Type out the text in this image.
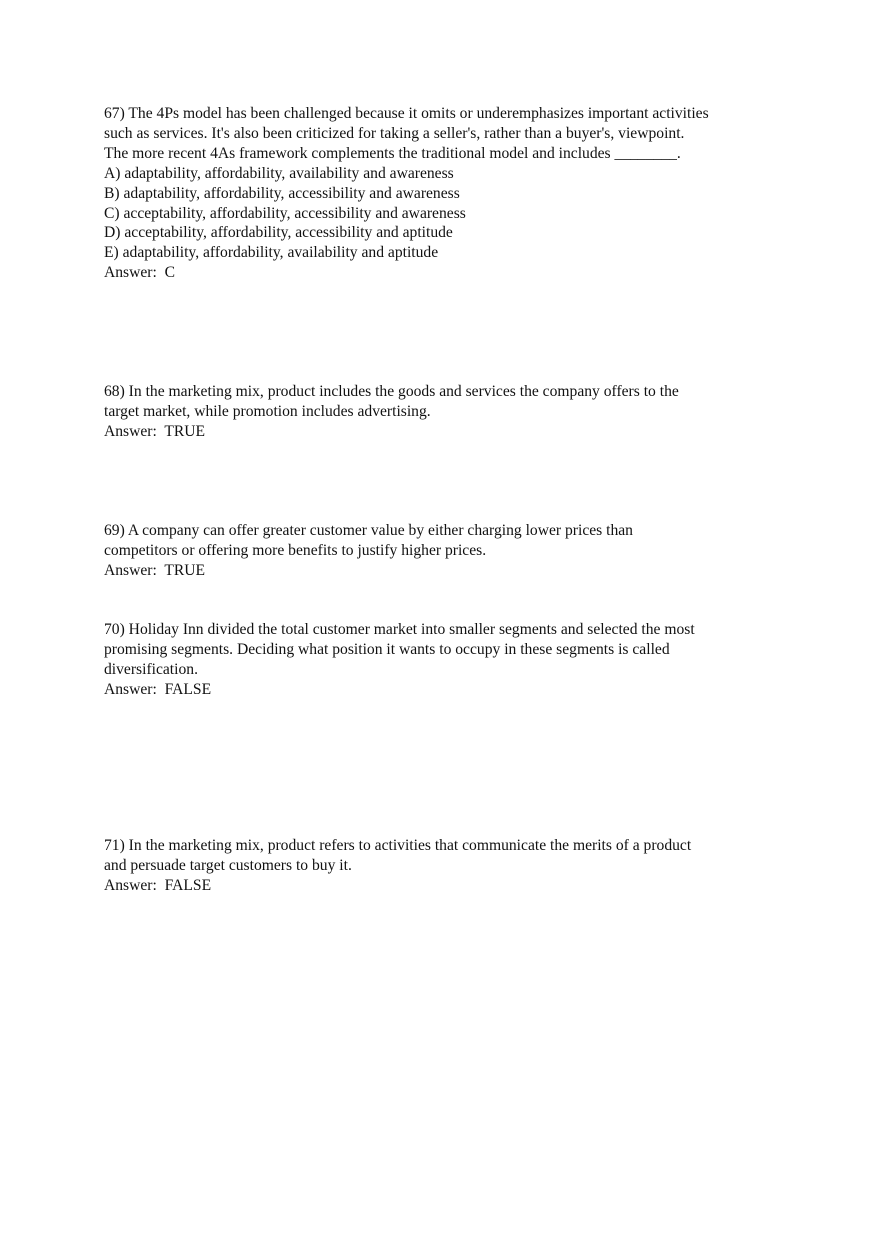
67) The 4Ps model has been challenged because it omits or underemphasizes important activities
such as services. It's also been criticized for taking a seller's, rather than a buyer's, viewpoint.
The more recent 4As framework complements the traditional model and includes ________.
A) adaptability, affordability, availability and awareness
B) adaptability, affordability, accessibility and awareness
C) acceptability, affordability, accessibility and awareness
D) acceptability, affordability, accessibility and aptitude
E) adaptability, affordability, availability and aptitude
Answer:  C
68) In the marketing mix, product includes the goods and services the company offers to the
target market, while promotion includes advertising.
Answer:  TRUE
69) A company can offer greater customer value by either charging lower prices than
competitors or offering more benefits to justify higher prices.
Answer:  TRUE
70) Holiday Inn divided the total customer market into smaller segments and selected the most
promising segments. Deciding what position it wants to occupy in these segments is called
diversification.
Answer:  FALSE
71) In the marketing mix, product refers to activities that communicate the merits of a product
and persuade target customers to buy it.
Answer:  FALSE
